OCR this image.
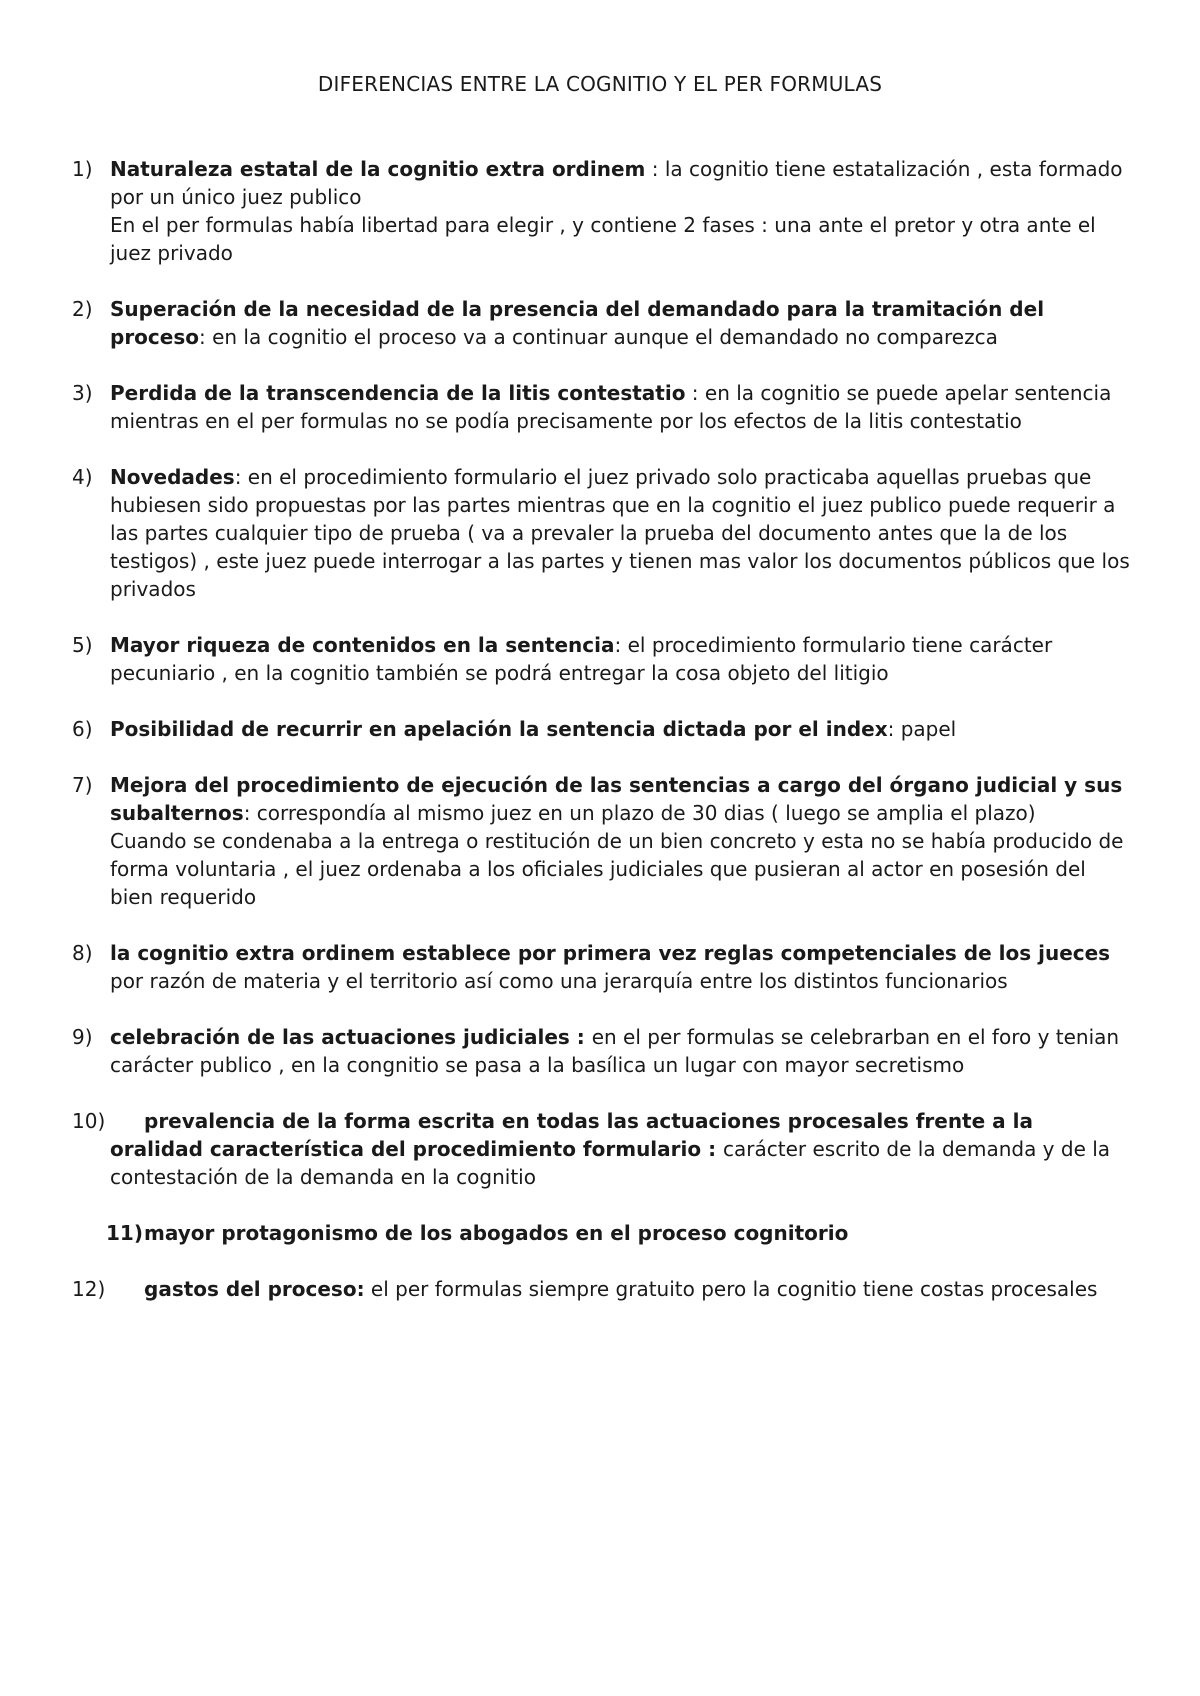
DIFERENCIAS ENTRE LA COGNITIO Y EL PER FORMULAS
1) Naturaleza estatal de la cognitio extra ordinem : la cognitio tiene estatalización , esta formado por un único juez publico
En el per formulas había libertad para elegir , y contiene 2 fases : una ante el pretor y otra ante el juez privado
2) Superación de la necesidad de la presencia del demandado para la tramitación del proceso: en la cognitio el proceso va a continuar aunque el demandado no comparezca
3) Perdida de la transcendencia de la litis contestatio : en la cognitio se puede apelar sentencia mientras en el per formulas no se podía precisamente por los efectos de la litis contestatio
4) Novedades: en el procedimiento formulario el juez privado solo practicaba aquellas pruebas que hubiesen sido propuestas por las partes mientras que en la cognitio el juez publico puede requerir a las partes cualquier tipo de prueba ( va a prevaler la prueba del documento antes que la de los testigos) , este juez puede interrogar a las partes y tienen mas valor los documentos públicos que los privados
5) Mayor riqueza de contenidos en la sentencia: el procedimiento formulario tiene carácter pecuniario , en la cognitio también se podrá entregar la cosa objeto del litigio
6) Posibilidad de recurrir en apelación la sentencia dictada por el index: papel
7) Mejora del procedimiento de ejecución de las sentencias a cargo del órgano judicial y sus subalternos: correspondía al mismo juez en un plazo de 30 dias ( luego se amplia el plazo)
Cuando se condenaba a la entrega o restitución de un bien concreto y esta no se había producido de forma voluntaria , el juez ordenaba a los oficiales judiciales que pusieran al actor en posesión del bien requerido
8) la cognitio extra ordinem establece por primera vez reglas competenciales de los jueces por razón de materia y el territorio así como una jerarquía entre los distintos funcionarios
9) celebración de las actuaciones judiciales : en el per formulas se celebrarban en el foro y tenian carácter publico , en la congnitio se pasa a la basílica un lugar con mayor secretismo
10) prevalencia de la forma escrita en todas las actuaciones procesales frente a la oralidad característica del procedimiento formulario : carácter escrito de la demanda y de la contestación de la demanda en la cognitio
11) mayor protagonismo de los abogados en el proceso cognitorio
12) gastos del proceso: el per formulas siempre gratuito pero la cognitio tiene costas procesales
